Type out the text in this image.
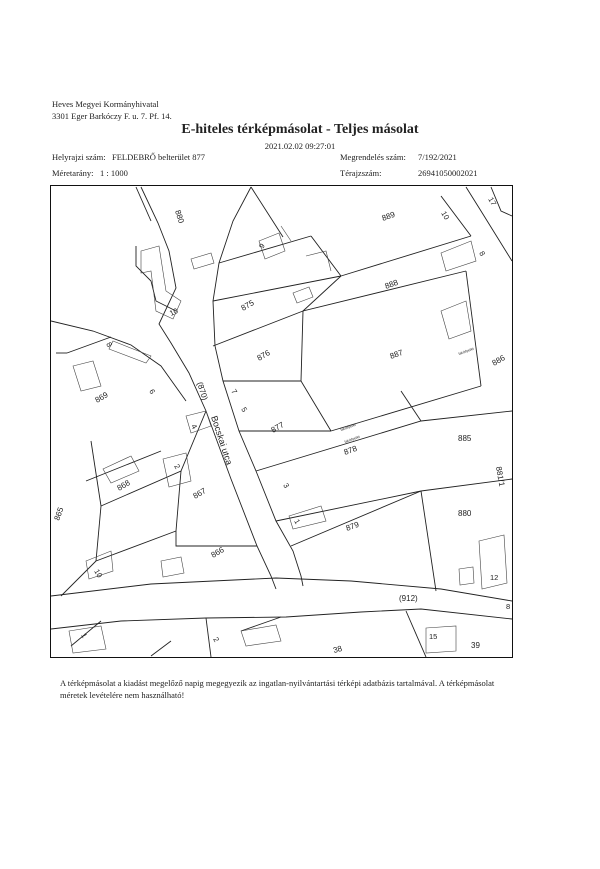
Heves Megyei Kormányhivatal
3301 Eger Barkóczy F. u. 7. Pf. 14.
E-hiteles térképmásolat - Teljes másolat
2021.02.02 09:27:01
Helyrajzi szám: FELDEBRŐ belterület 877	Megrendelés szám: 7/192/2021
Méretarány: 1 : 1000	Térajzszám:	26941050002021
880
875
876
877
878
879
869
868
867
866
865
889
888
887	886
885
880
881/1
38	39
10
9
8
6
4
2
7
5
3
1
10
17
10
8
12
1	2	15
8
(870)
Bocskai utca
(912)
lakóépület
lakóépület
lakóépület
A térképmásolat a kiadást megelőző napig megegyezik az ingatlan-nyilvántartási térképi adatbázis tartalmával. A térképmásolat méretek levételére nem használható!
